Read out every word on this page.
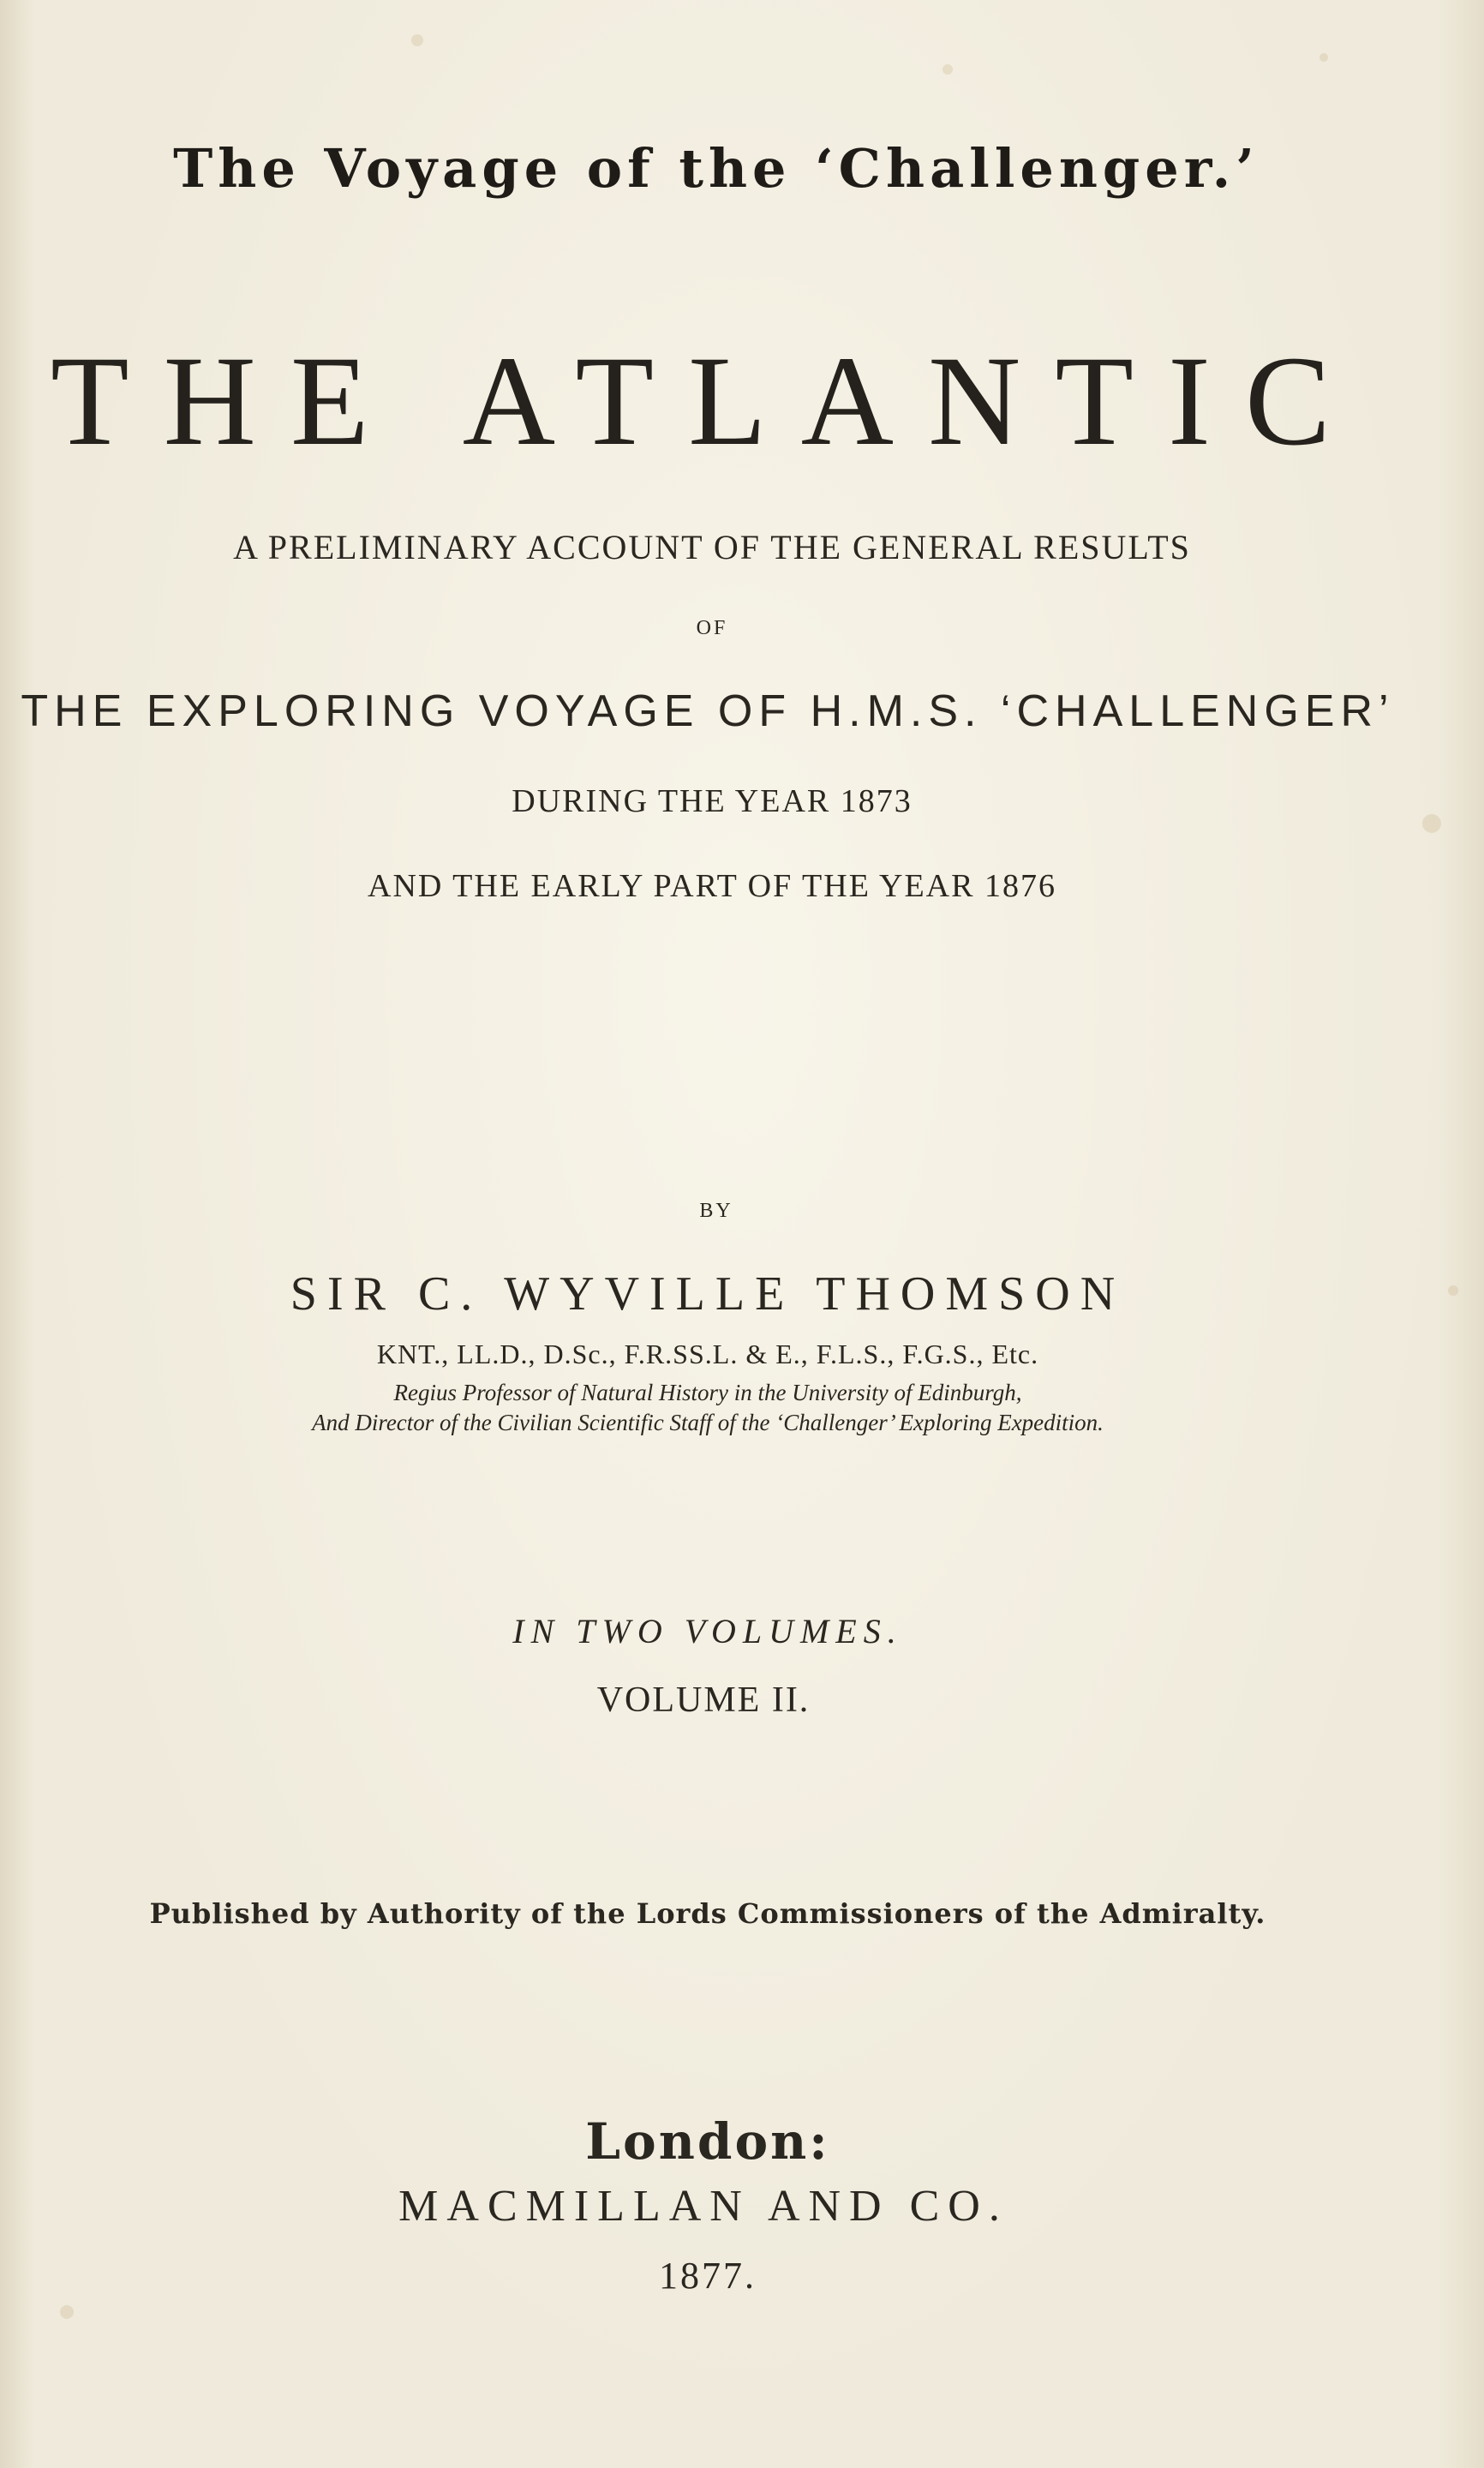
The Voyage of the ‘Challenger.’
THE ATLANTIC
A PRELIMINARY ACCOUNT OF THE GENERAL RESULTS
OF
THE EXPLORING VOYAGE OF H.M.S. ‘CHALLENGER’
DURING THE YEAR 1873
AND THE EARLY PART OF THE YEAR 1876
BY
SIR C. WYVILLE THOMSON
KNT., LL.D., D.Sc., F.R.SS.L. & E., F.L.S., F.G.S., Etc.
Regius Professor of Natural History in the University of Edinburgh,
And Director of the Civilian Scientific Staff of the ‘Challenger’ Exploring Expedition.
IN TWO VOLUMES.
VOLUME II.
Published by Authority of the Lords Commissioners of the Admiralty.
London:
MACMILLAN AND CO.
1877.
